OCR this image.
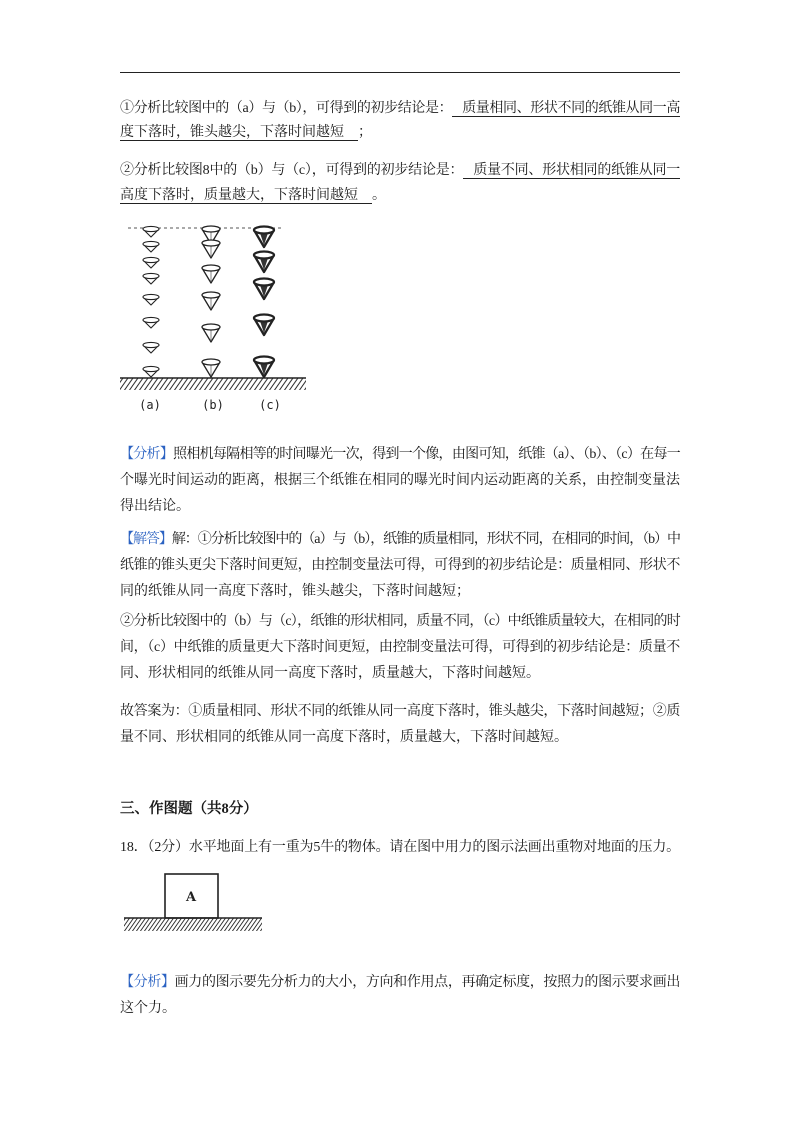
①分析比较图中的（a）与（b），可得到的初步结论是： 质量相同、形状不同的纸锥从同一高
度下落时，锥头越尖，下落时间越短 ；
②分析比较图8中的（b）与（c），可得到的初步结论是： 质量不同、形状相同的纸锥从同一
高度下落时，质量越大，下落时间越短 。
(a)	(b)	(c)
【分析】照相机每隔相等的时间曝光一次，得到一个像，由图可知，纸锥（a）、（b）、（c）在每一
个曝光时间运动的距离，根据三个纸锥在相同的曝光时间内运动距离的关系，由控制变量法
得出结论。
【解答】解：①分析比较图中的（a）与（b），纸锥的质量相同，形状不同，在相同的时间，（b）中
纸锥的锥头更尖下落时间更短，由控制变量法可得，可得到的初步结论是：质量相同、形状不
同的纸锥从同一高度下落时，锥头越尖，下落时间越短；
②分析比较图中的（b）与（c），纸锥的形状相同，质量不同，（c）中纸锥质量较大，在相同的时
间，（c）中纸锥的质量更大下落时间更短，由控制变量法可得，可得到的初步结论是：质量不
同、形状相同的纸锥从同一高度下落时，质量越大，下落时间越短。
故答案为：①质量相同、形状不同的纸锥从同一高度下落时，锥头越尖，下落时间越短；②质
量不同、形状相同的纸锥从同一高度下落时，质量越大，下落时间越短。
三、作图题（共8分）
18．（2分）水平地面上有一重为5牛的物体。请在图中用力的图示法画出重物对地面的压力。
A
【分析】画力的图示要先分析力的大小，方向和作用点，再确定标度，按照力的图示要求画出
这个力。
